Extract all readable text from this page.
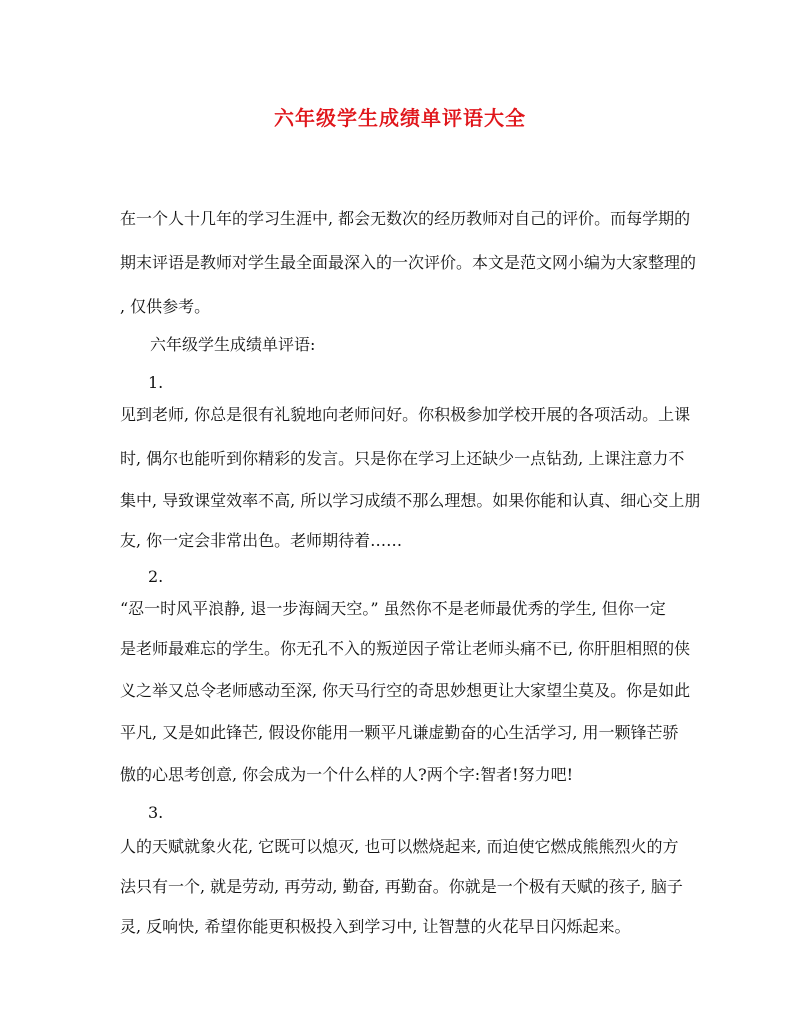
六年级学生成绩单评语大全
在一个人十几年的学习生涯中, 都会无数次的经历教师对自己的评价。而每学期的
期末评语是教师对学生最全面最深入的一次评价。本文是范文网小编为大家整理的
, 仅供参考。
六年级学生成绩单评语:
1.
见到老师, 你总是很有礼貌地向老师问好。你积极参加学校开展的各项活动。上课
时, 偶尔也能听到你精彩的发言。只是你在学习上还缺少一点钻劲, 上课注意力不
集中, 导致课堂效率不高, 所以学习成绩不那么理想。如果你能和认真、细心交上朋
友, 你一定会非常出色。老师期待着……
2.
“忍一时风平浪静, 退一步海阔天空。” 虽然你不是老师最优秀的学生, 但你一定
是老师最难忘的学生。你无孔不入的叛逆因子常让老师头痛不已, 你肝胆相照的侠
义之举又总令老师感动至深, 你天马行空的奇思妙想更让大家望尘莫及。你是如此
平凡, 又是如此锋芒, 假设你能用一颗平凡谦虚勤奋的心生活学习, 用一颗锋芒骄
傲的心思考创意, 你会成为一个什么样的人?两个字:智者!努力吧!
3.
人的天赋就象火花, 它既可以熄灭, 也可以燃烧起来, 而迫使它燃成熊熊烈火的方
法只有一个, 就是劳动, 再劳动, 勤奋, 再勤奋。你就是一个极有天赋的孩子, 脑子
灵, 反响快, 希望你能更积极投入到学习中, 让智慧的火花早日闪烁起来。
